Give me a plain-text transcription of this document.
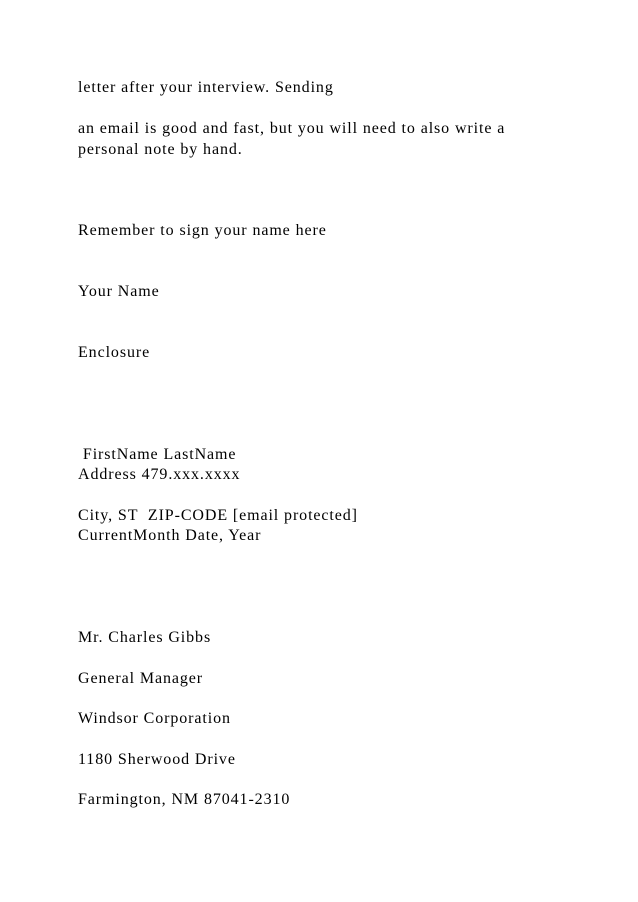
letter after your interview. Sending

an email is good and fast, but you will need to also write a

personal note by hand.

Remember to sign your name here

Your Name

Enclosure

FirstName LastName

Address 479.xxx.xxxx

City, ST  ZIP-CODE [email protected]

CurrentMonth Date, Year

Mr. Charles Gibbs

General Manager

Windsor Corporation

1180 Sherwood Drive

Farmington, NM 87041-2310
